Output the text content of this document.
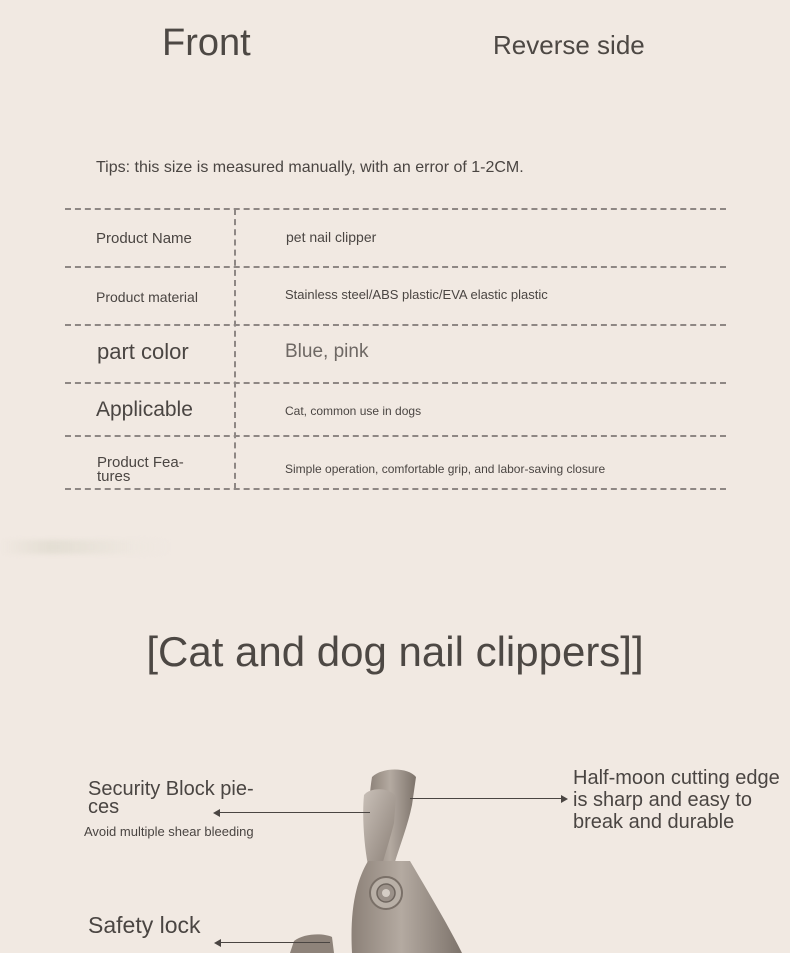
Front	Reverse side
Tips: this size is measured manually, with an error of 1-2CM.
Product Name	pet nail clipper
Product material	Stainless steel/ABS plastic/EVA elastic plastic
part color	Blue, pink
Applicable	Cat, common use in dogs
Product Fea-
tures	Simple operation, comfortable grip, and labor-saving closure
[Cat and dog nail clippers]]
Security Block pie-
ces
Avoid multiple shear bleeding
Half-moon cutting edge
is sharp and easy to
break and durable
Safety lock
